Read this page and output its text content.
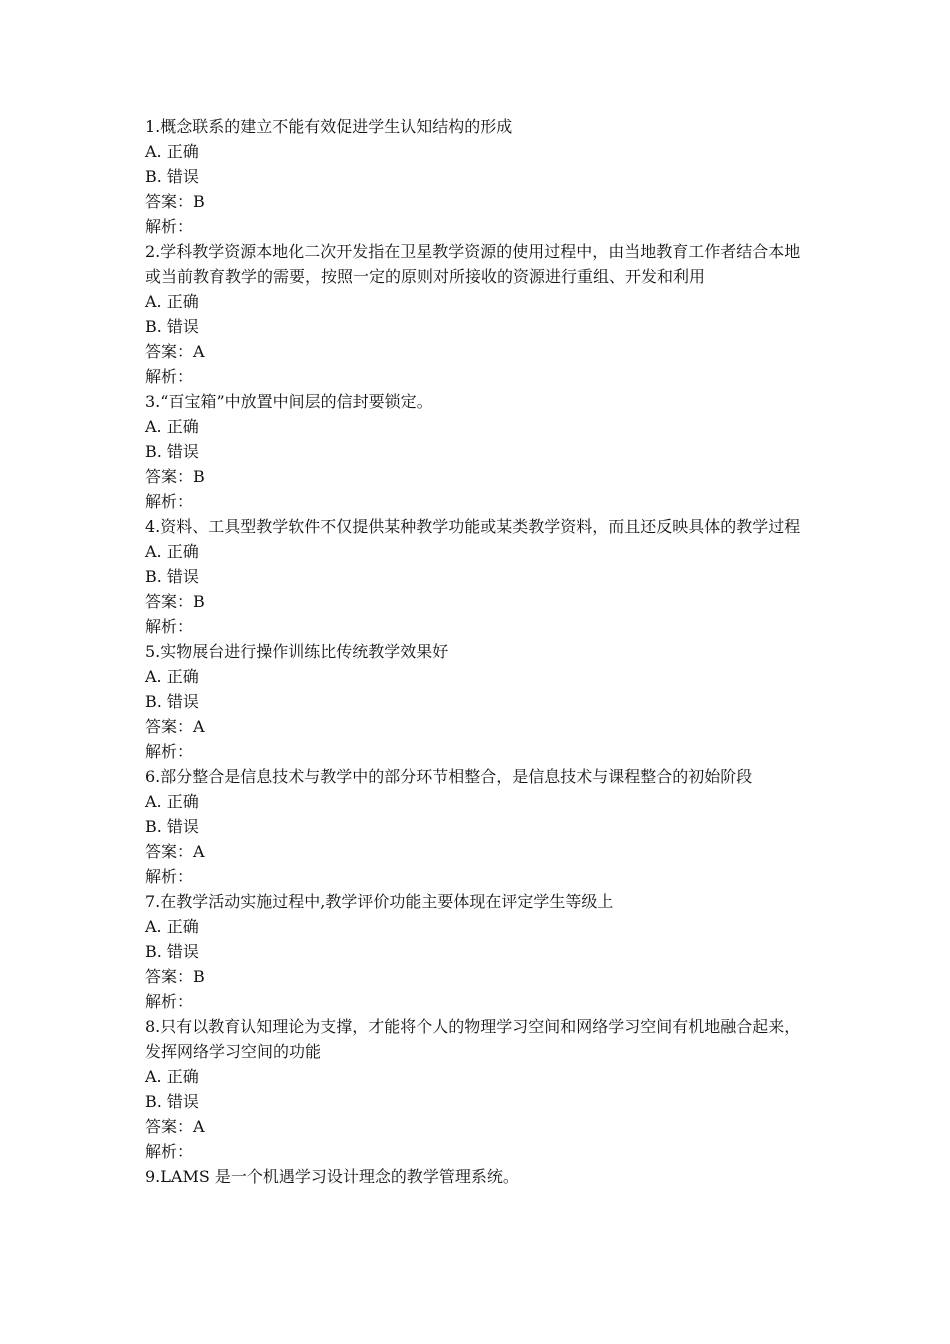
1.概念联系的建立不能有效促进学生认知结构的形成

A. 正确

B. 错误

答案：B

解析：

2.学科教学资源本地化二次开发指在卫星教学资源的使用过程中，由当地教育工作者结合本地或当前教育教学的需要，按照一定的原则对所接收的资源进行重组、开发和利用

A. 正确

B. 错误

答案：A

解析：

3.“百宝箱”中放置中间层的信封要锁定。

A. 正确

B. 错误

答案：B

解析：

4.资料、工具型教学软件不仅提供某种教学功能或某类教学资料，而且还反映具体的教学过程

A. 正确

B. 错误

答案：B

解析：

5.实物展台进行操作训练比传统教学效果好

A. 正确

B. 错误

答案：A

解析：

6.部分整合是信息技术与教学中的部分环节相整合，是信息技术与课程整合的初始阶段

A. 正确

B. 错误

答案：A

解析：

7.在教学活动实施过程中,教学评价功能主要体现在评定学生等级上

A. 正确

B. 错误

答案：B

解析：

8.只有以教育认知理论为支撑，才能将个人的物理学习空间和网络学习空间有机地融合起来，发挥网络学习空间的功能

A. 正确

B. 错误

答案：A

解析：

9.LAMS 是一个机遇学习设计理念的教学管理系统。
